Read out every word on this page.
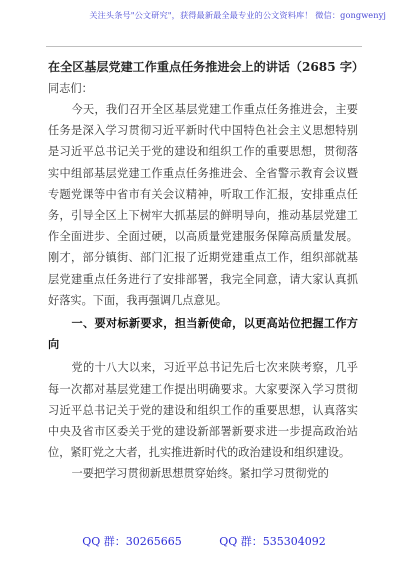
关注头条号"公文研究"，获得最新最全最专业的公文资料库！ 微信：gongwenyj
在全区基层党建工作重点任务推进会上的讲话（2685 字）
同志们：

今天，我们召开全区基层党建工作重点任务推进会，主要任务是深入学习贯彻习近平新时代中国特色社会主义思想特别是习近平总书记关于党的建设和组织工作的重要思想，贯彻落实中组部基层党建工作重点任务推进会、全省警示教育会议暨专题党课等中省市有关会议精神，听取工作汇报，安排重点任务，引导全区上下树牢大抓基层的鲜明导向，推动基层党建工作全面进步、全面过硬，以高质量党建服务保障高质量发展。刚才，部分镇街、部门汇报了近期党建重点工作，组织部就基层党建重点任务进行了安排部署，我完全同意，请大家认真抓好落实。下面，我再强调几点意见。

一、要对标新要求，担当新使命，以更高站位把握工作方向

党的十八大以来，习近平总书记先后七次来陕考察，几乎每一次都对基层党建工作提出明确要求。大家要深入学习贯彻习近平总书记关于党的建设和组织工作的重要思想，认真落实中央及省市区委关于党的建设新部署新要求进一步提高政治站位，紧盯党之大者，扎实推进新时代的政治建设和组织建设。

一要把学习贯彻新思想贯穿始终。紧扣学习贯彻党的

QQ 群：30265665	QQ 群：535304092
